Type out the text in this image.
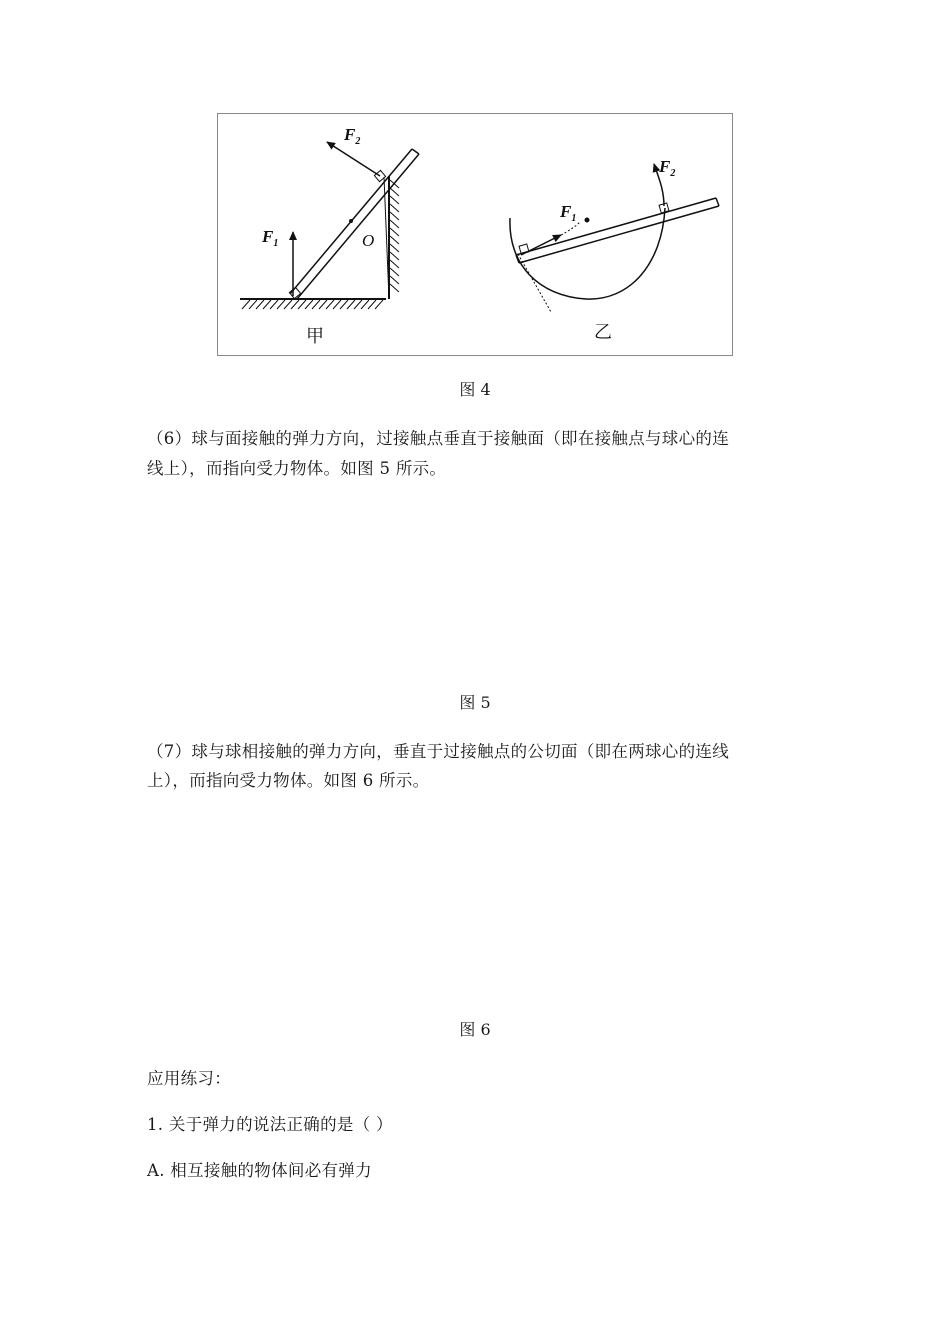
$F_1$
$F_2$
O
甲
$F_1$
$F_2$
乙
图 4
（6）球与面接触的弹力方向，过接触点垂直于接触面（即在接触点与球心的连
线上），而指向受力物体。如图 5 所示。
图 5
（7）球与球相接触的弹力方向，垂直于过接触点的公切面（即在两球心的连线
上），而指向受力物体。如图 6 所示。
图 6
应用练习：
1. 关于弹力的说法正确的是（ ）
A. 相互接触的物体间必有弹力
